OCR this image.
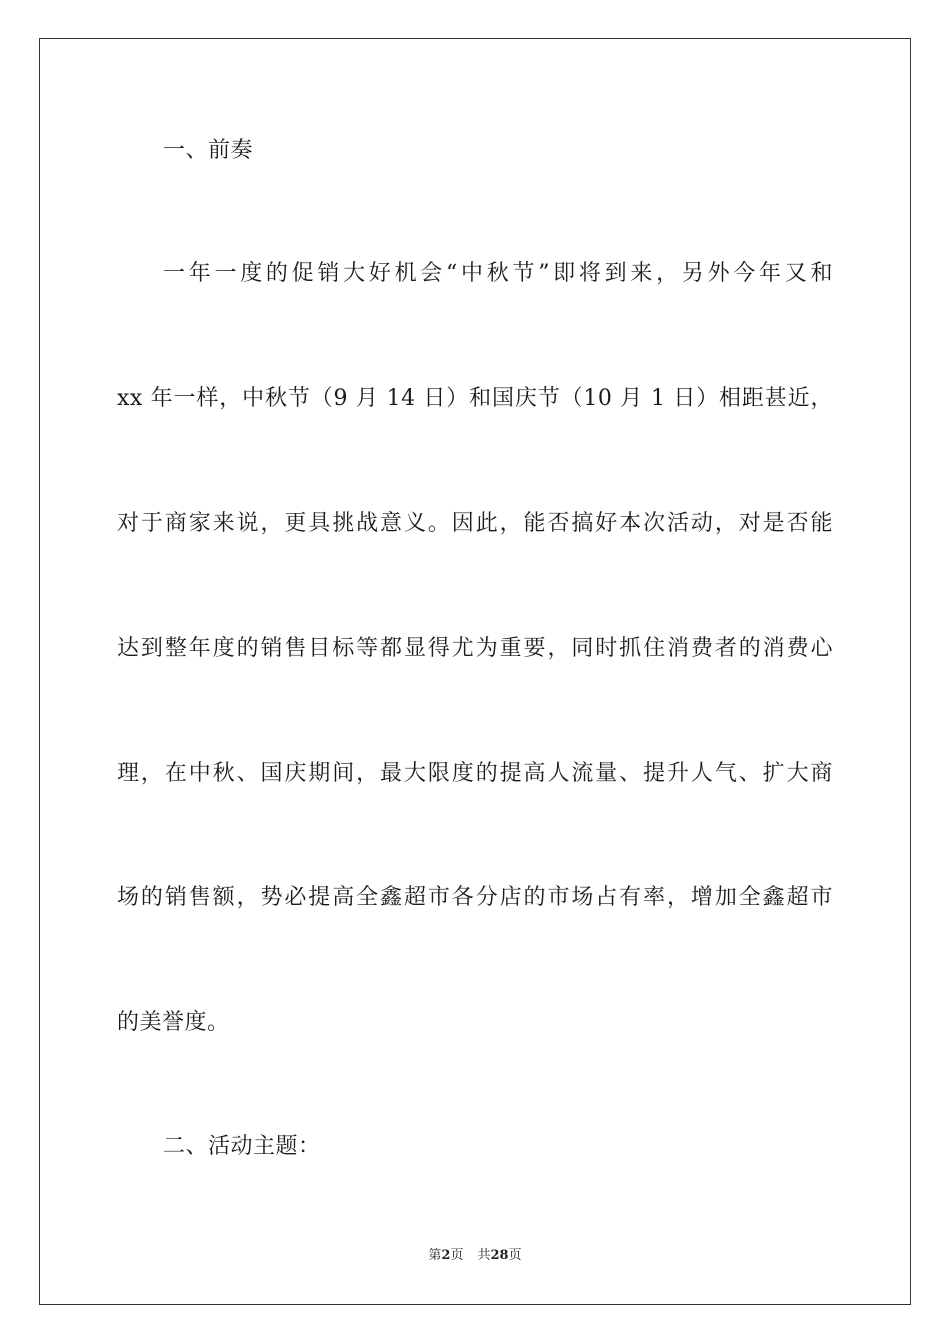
一、前奏
一年一度的促销大好机会“中秋节”即将到来，另外今年又和
xx 年一样，中秋节（9 月 14 日）和国庆节（10 月 1 日）相距甚近，
对于商家来说，更具挑战意义。因此，能否搞好本次活动，对是否能
达到整年度的销售目标等都显得尤为重要，同时抓住消费者的消费心
理，在中秋、国庆期间，最大限度的提高人流量、提升人气、扩大商
场的销售额，势必提高全鑫超市各分店的市场占有率，增加全鑫超市
的美誉度。
二、活动主题：
第2页 共28页
